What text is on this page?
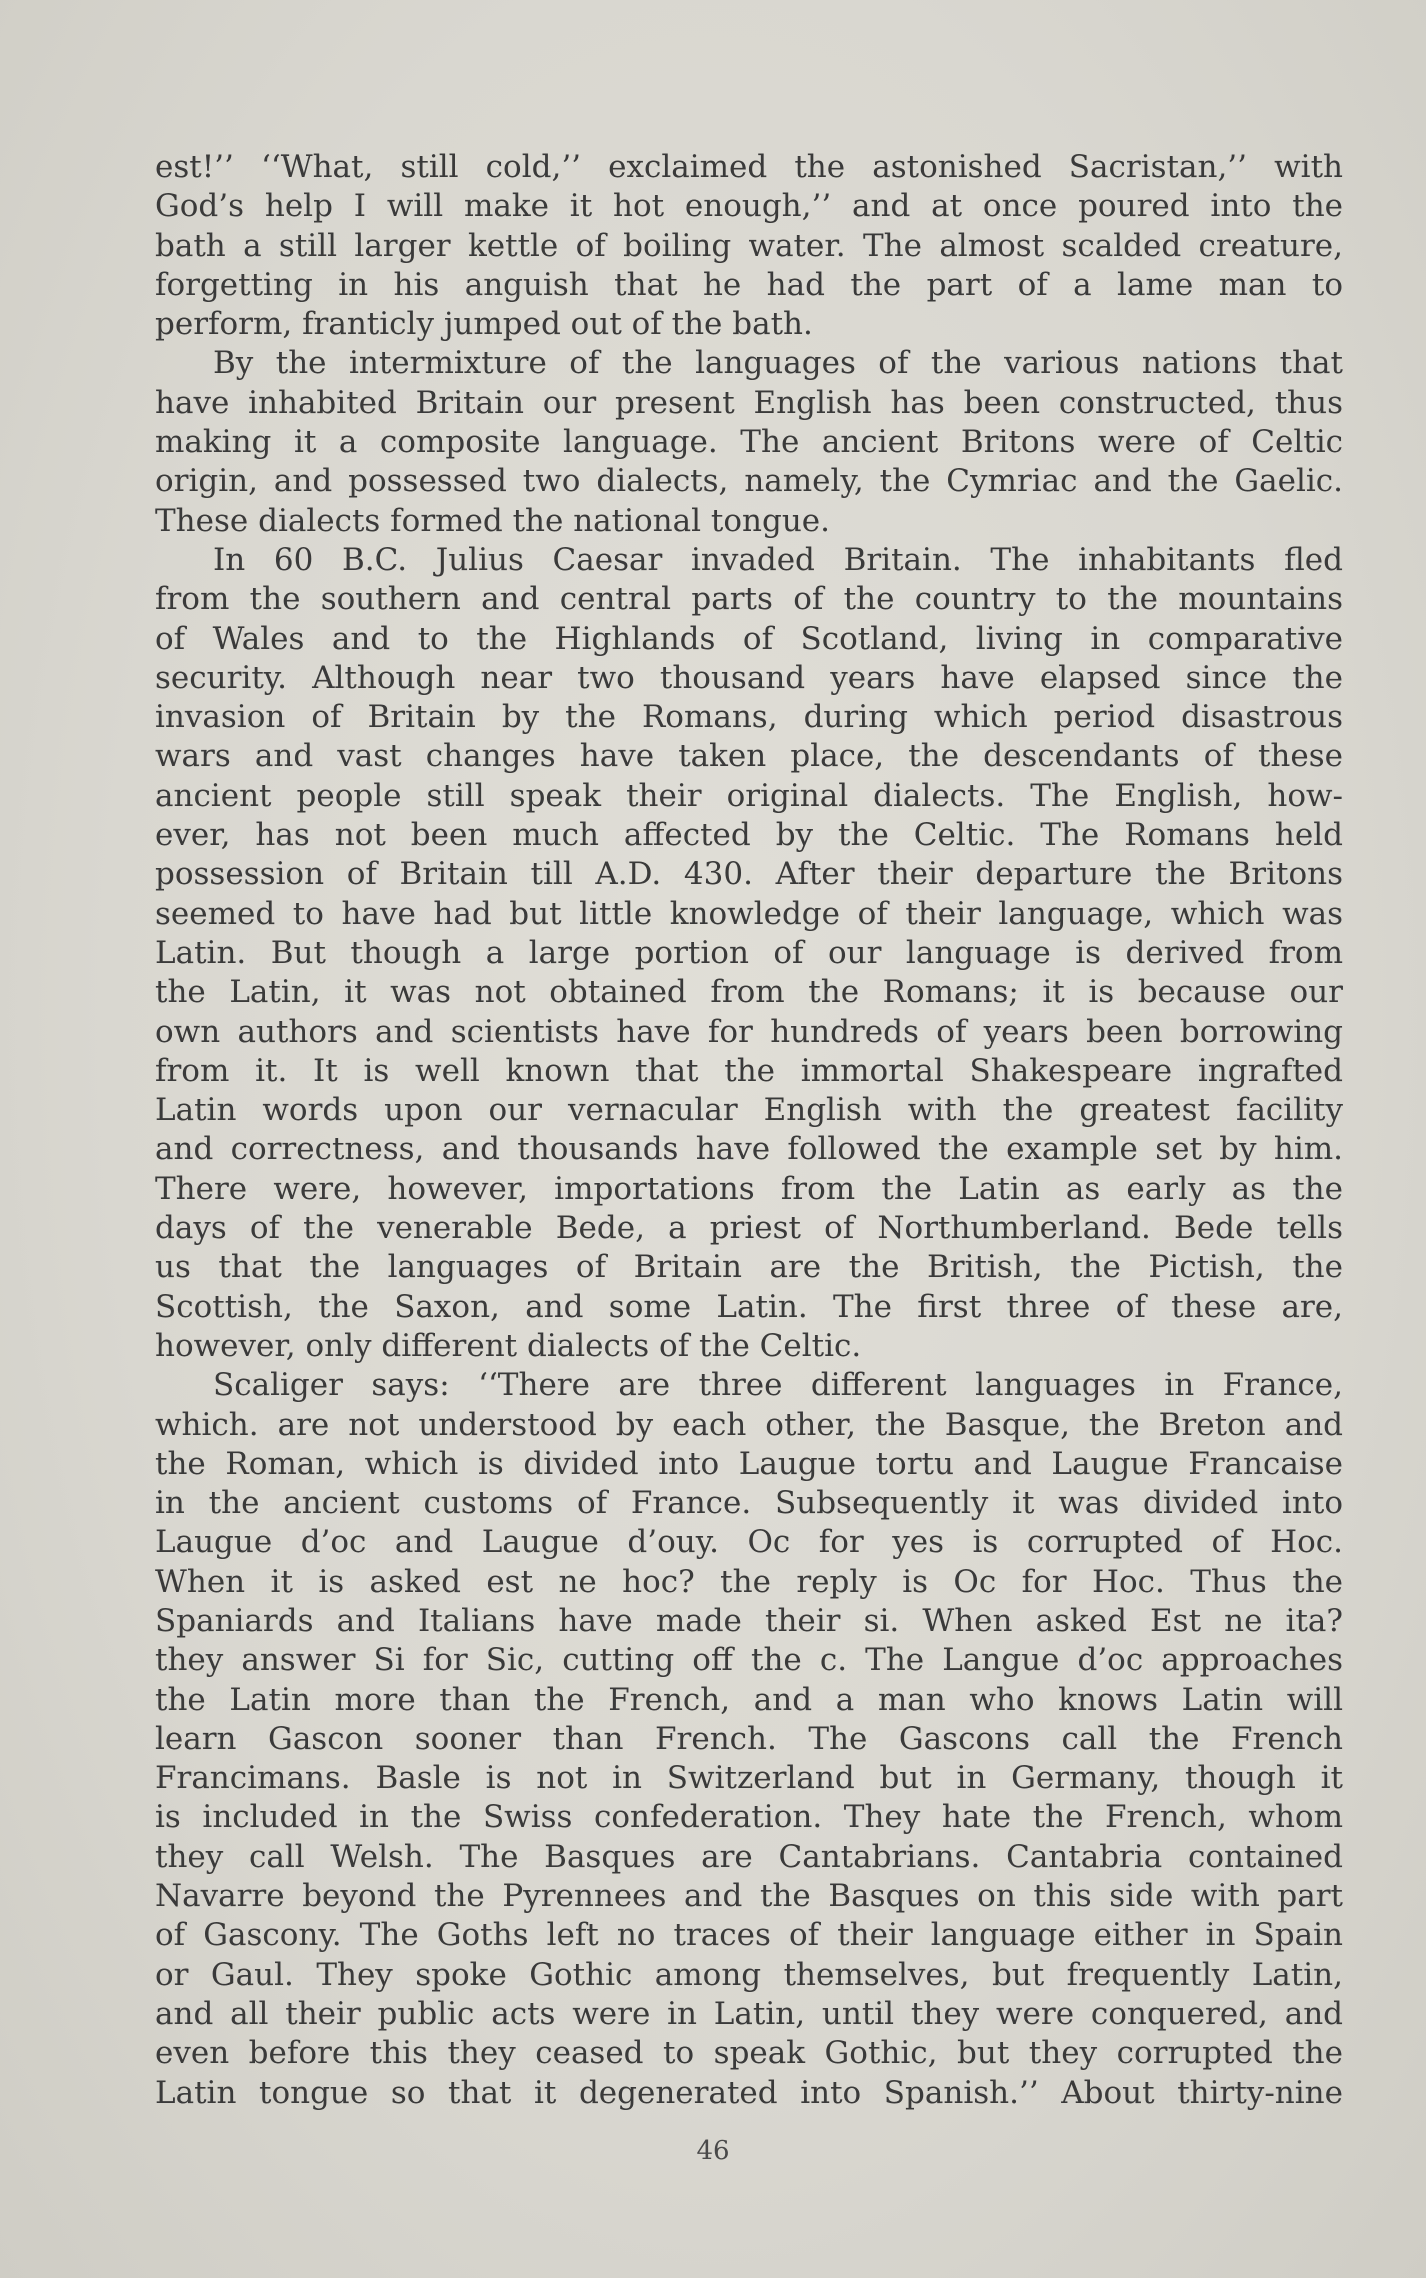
est!’’ ‘‘What, still cold,’’ exclaimed the astonished Sacristan,’’ with
God’s help I will make it hot enough,’’ and at once poured into the
bath a still larger kettle of boiling water. The almost scalded creature,
forgetting in his anguish that he had the part of a lame man to
perform, franticly jumped out of the bath.
By the intermixture of the languages of the various nations that
have inhabited Britain our present English has been constructed, thus
making it a composite language. The ancient Britons were of Celtic
origin, and possessed two dialects, namely, the Cymriac and the Gaelic.
These dialects formed the national tongue.
In 60 B.C. Julius Caesar invaded Britain. The inhabitants fled
from the southern and central parts of the country to the mountains
of Wales and to the Highlands of Scotland, living in comparative
security. Although near two thousand years have elapsed since the
invasion of Britain by the Romans, during which period disastrous
wars and vast changes have taken place, the descendants of these
ancient people still speak their original dialects. The English, how-
ever, has not been much affected by the Celtic. The Romans held
possession of Britain till A.D. 430. After their departure the Britons
seemed to have had but little knowledge of their language, which was
Latin. But though a large portion of our language is derived from
the Latin, it was not obtained from the Romans; it is because our
own authors and scientists have for hundreds of years been borrowing
from it. It is well known that the immortal Shakespeare ingrafted
Latin words upon our vernacular English with the greatest facility
and correctness, and thousands have followed the example set by him.
There were, however, importations from the Latin as early as the
days of the venerable Bede, a priest of Northumberland. Bede tells
us that the languages of Britain are the British, the Pictish, the
Scottish, the Saxon, and some Latin. The first three of these are,
however, only different dialects of the Celtic.
Scaliger says: ‘‘There are three different languages in France,
which. are not understood by each other, the Basque, the Breton and
the Roman, which is divided into Laugue tortu and Laugue Francaise
in the ancient customs of France. Subsequently it was divided into
Laugue d’oc and Laugue d’ouy. Oc for yes is corrupted of Hoc.
When it is asked est ne hoc? the reply is Oc for Hoc. Thus the
Spaniards and Italians have made their si. When asked Est ne ita?
they answer Si for Sic, cutting off the c. The Langue d’oc approaches
the Latin more than the French, and a man who knows Latin will
learn Gascon sooner than French. The Gascons call the French
Francimans. Basle is not in Switzerland but in Germany, though it
is included in the Swiss confederation. They hate the French, whom
they call Welsh. The Basques are Cantabrians. Cantabria contained
Navarre beyond the Pyrennees and the Basques on this side with part
of Gascony. The Goths left no traces of their language either in Spain
or Gaul. They spoke Gothic among themselves, but frequently Latin,
and all their public acts were in Latin, until they were conquered, and
even before this they ceased to speak Gothic, but they corrupted the
Latin tongue so that it degenerated into Spanish.’’ About thirty-nine
46
